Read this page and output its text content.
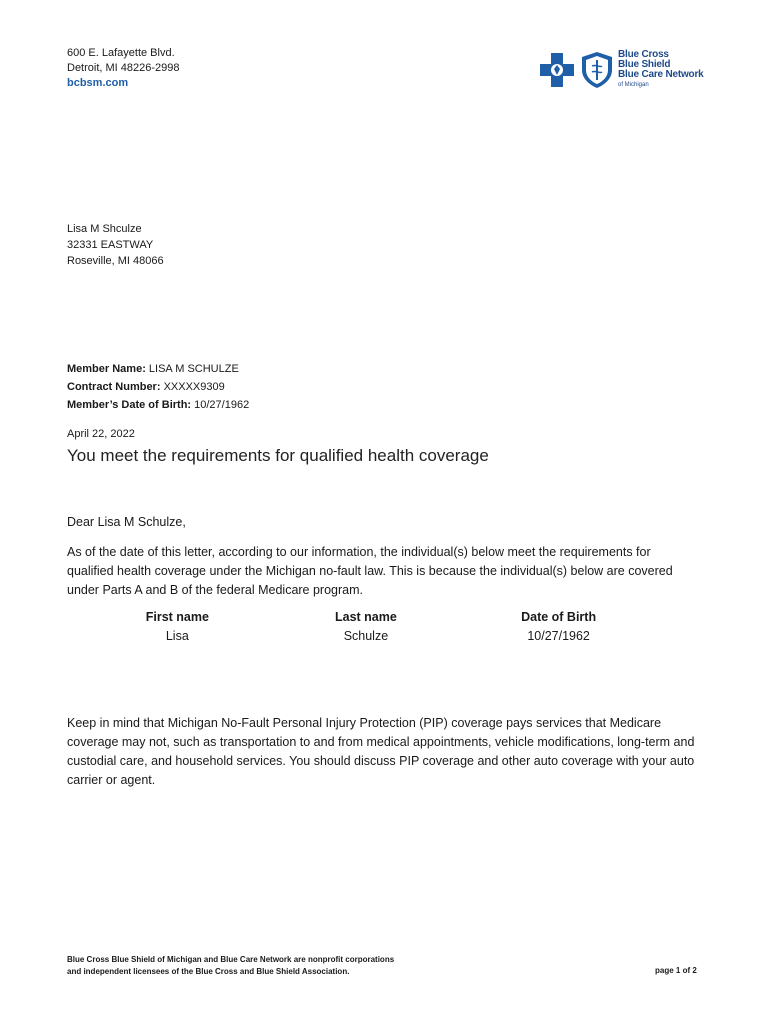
600 E. Lafayette Blvd.
Detroit, MI 48226-2998
bcbsm.com
Blue Cross
Blue Shield
Blue Care Network
of Michigan
Lisa M Shculze
32331 EASTWAY
Roseville, MI 48066
Member Name: LISA M SCHULZE
Contract Number: XXXXX9309
Member’s Date of Birth: 10/27/1962
April 22, 2022
You meet the requirements for qualified health coverage
Dear Lisa M Schulze,
As of the date of this letter, according to our information, the individual(s) below meet the requirements for qualified health coverage under the Michigan no-fault law. This is because the individual(s) below are covered under Parts A and B of the federal Medicare program.
First name	Last name	Date of Birth
Lisa	Schulze	10/27/1962
Keep in mind that Michigan No-Fault Personal Injury Protection (PIP) coverage pays services that Medicare coverage may not, such as transportation to and from medical appointments, vehicle modifications, long-term and custodial care, and household services. You should discuss PIP coverage and other auto coverage with your auto carrier or agent.
Blue Cross Blue Shield of Michigan and Blue Care Network are nonprofit corporations
and independent licensees of the Blue Cross and Blue Shield Association.	page 1 of 2
